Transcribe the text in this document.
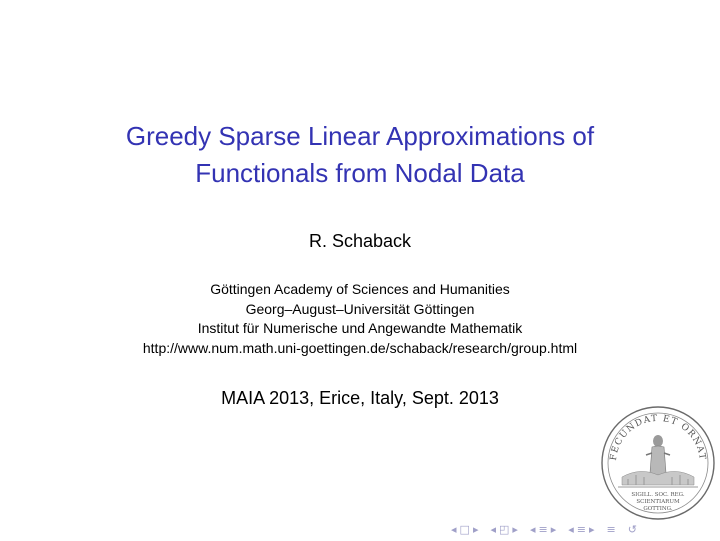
Greedy Sparse Linear Approximations of
Functionals from Nodal Data
R. Schaback
Göttingen Academy of Sciences and Humanities
Georg–August–Universität Göttingen
Institut für Numerische und Angewandte Mathematik
http://www.num.math.uni-goettingen.de/schaback/research/group.html
MAIA 2013, Erice, Italy, Sept. 2013
FECUNDAT ET ORNAT
SIGILL. SOC. REG.
SCIENTIARUM
GOTTING.
◂ □ ▸ ◂ ◰ ▸ ◂ ≡ ▸ ◂ ≡ ▸ ≡ ↺
